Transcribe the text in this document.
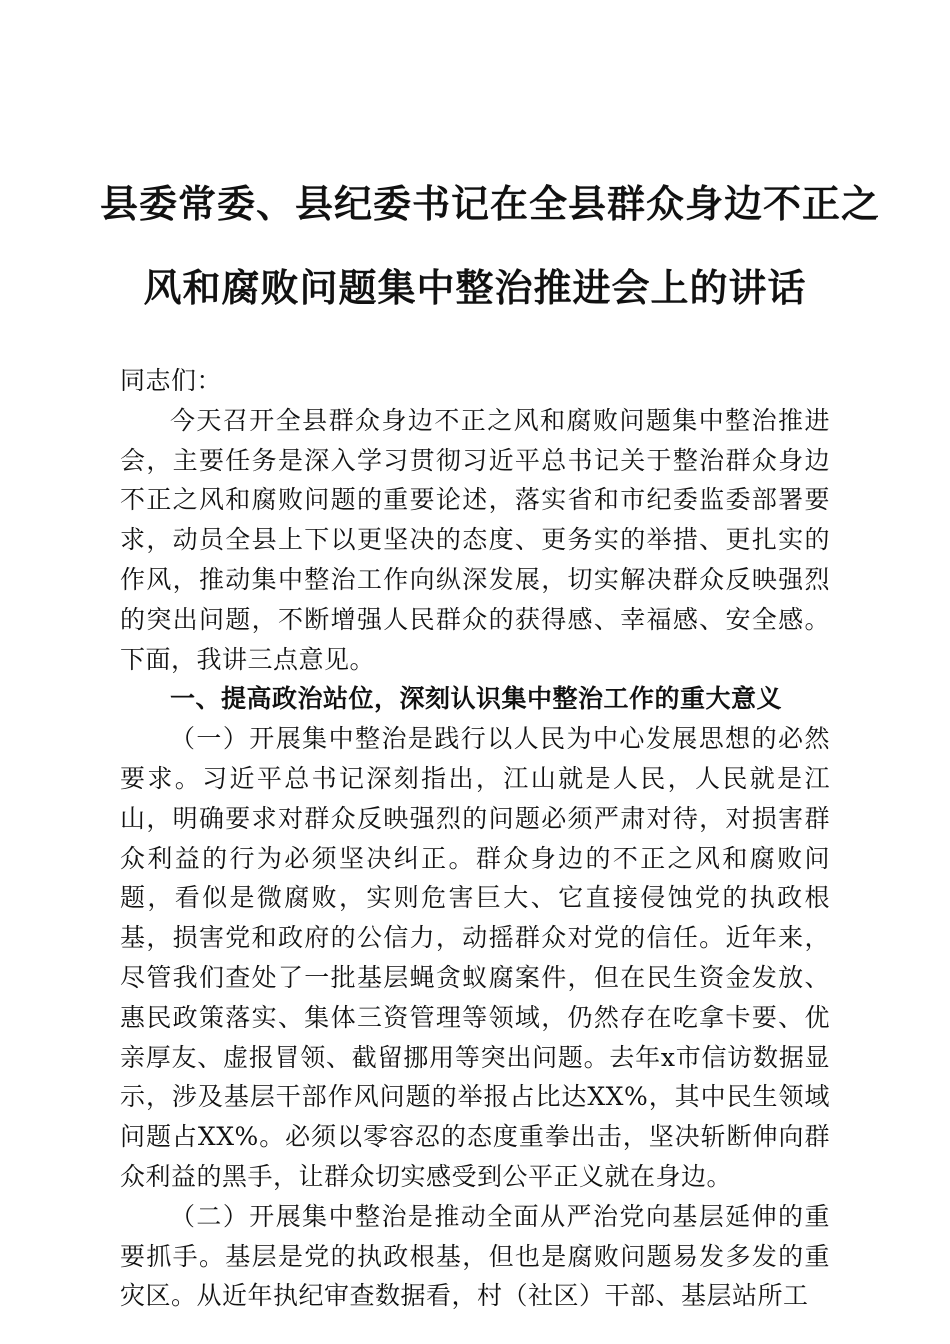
县委常委、县纪委书记在全县群众身边不正之
风和腐败问题集中整治推进会上的讲话

同志们：

今天召开全县群众身边不正之风和腐败问题集中整治推进会，主要任务是深入学习贯彻习近平总书记关于整治群众身边不正之风和腐败问题的重要论述，落实省和市纪委监委部署要求，动员全县上下以更坚决的态度、更务实的举措、更扎实的作风，推动集中整治工作向纵深发展，切实解决群众反映强烈的突出问题，不断增强人民群众的获得感、幸福感、安全感。下面，我讲三点意见。

一、提高政治站位，深刻认识集中整治工作的重大意义

（一）开展集中整治是践行以人民为中心发展思想的必然要求。习近平总书记深刻指出，江山就是人民，人民就是江山，明确要求对群众反映强烈的问题必须严肃对待，对损害群众利益的行为必须坚决纠正。群众身边的不正之风和腐败问题，看似是微腐败，实则危害巨大、它直接侵蚀党的执政根基，损害党和政府的公信力，动摇群众对党的信任。近年来，尽管我们查处了一批基层蝇贪蚁腐案件，但在民生资金发放、惠民政策落实、集体三资管理等领域，仍然存在吃拿卡要、优亲厚友、虚报冒领、截留挪用等突出问题。去年x市信访数据显示，涉及基层干部作风问题的举报占比达XX%，其中民生领域问题占XX%。必须以零容忍的态度重拳出击，坚决斩断伸向群众利益的黑手，让群众切实感受到公平正义就在身边。

（二）开展集中整治是推动全面从严治党向基层延伸的重要抓手。基层是党的执政根基，但也是腐败问题易发多发的重灾区。从近年执纪审查数据看，村（社区）干部、基层站所工
